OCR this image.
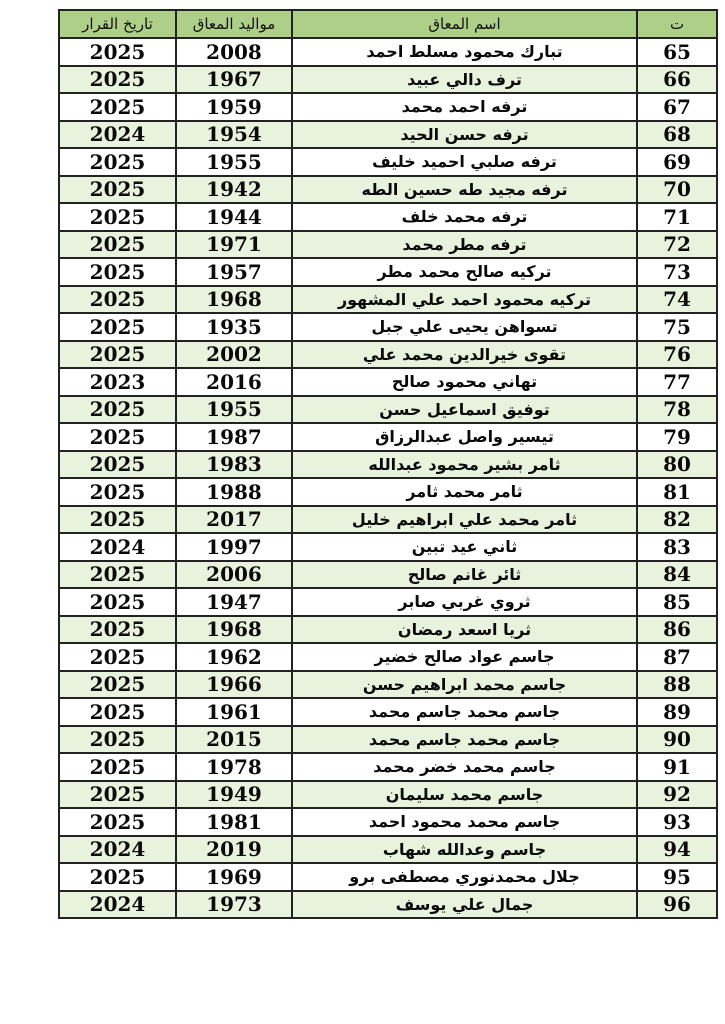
ت	اسم المعاق	مواليد المعاق	تاريخ القرار
65	تبارك محمود مسلط احمد	2008	2025
66	ترف دالي عبيد	1967	2025
67	ترفه احمد محمد	1959	2025
68	ترفه حسن الحيد	1954	2024
69	ترفه صلبي احميد خليف	1955	2025
70	ترفه مجيد طه حسين الطه	1942	2025
71	ترفه محمد خلف	1944	2025
72	ترفه مطر محمد	1971	2025
73	تركيه صالح محمد مطر	1957	2025
74	تركيه محمود احمد علي المشهور	1968	2025
75	تسواهن يحيى علي جبل	1935	2025
76	تقوى خيرالدين محمد علي	2002	2025
77	تهاني محمود صالح	2016	2023
78	توفيق اسماعيل حسن	1955	2025
79	تيسير واصل عبدالرزاق	1987	2025
80	ثامر بشير محمود عبدالله	1983	2025
81	ثامر محمد ثامر	1988	2025
82	ثامر محمد علي ابراهيم خليل	2017	2025
83	ثاني عيد تبين	1997	2024
84	ثائر غانم صالح	2006	2025
85	ثروي غربي صابر	1947	2025
86	ثريا اسعد رمضان	1968	2025
87	جاسم عواد صالح خضير	1962	2025
88	جاسم محمد ابراهيم حسن	1966	2025
89	جاسم محمد جاسم محمد	1961	2025
90	جاسم محمد جاسم محمد	2015	2025
91	جاسم محمد خضر محمد	1978	2025
92	جاسم محمد سليمان	1949	2025
93	جاسم محمد محمود احمد	1981	2025
94	جاسم وعدالله شهاب	2019	2024
95	جلال محمدنوري مصطفى برو	1969	2025
96	جمال علي يوسف	1973	2024
